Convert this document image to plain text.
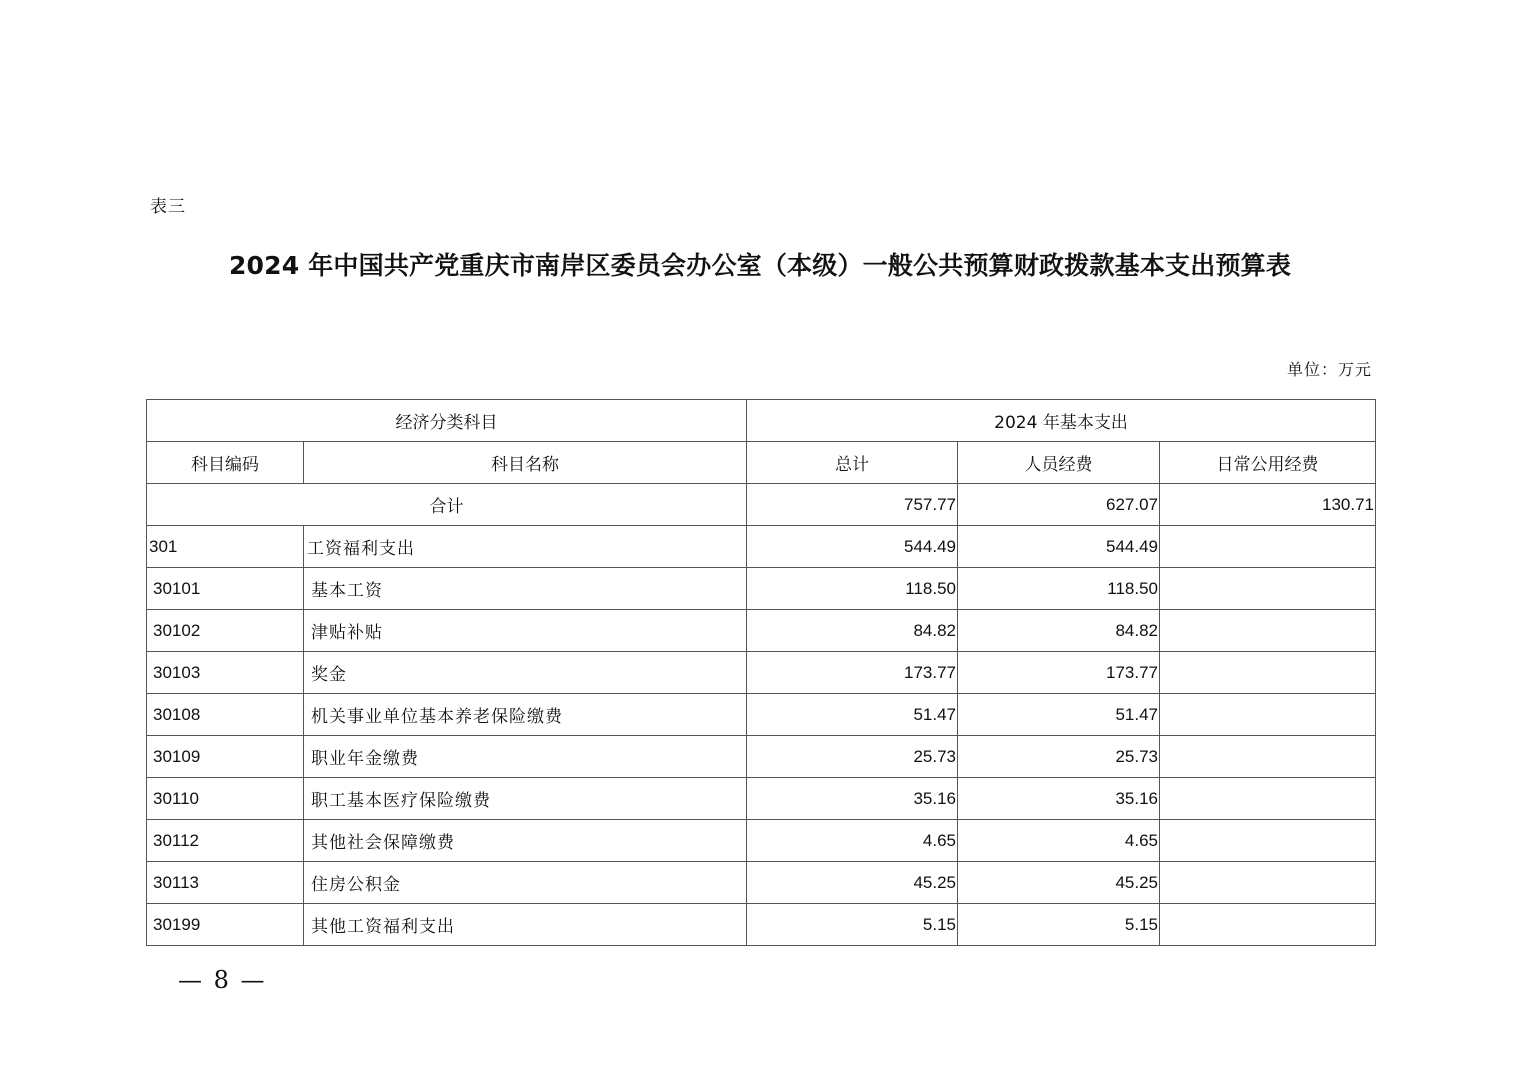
表三
2024 年中国共产党重庆市南岸区委员会办公室（本级）一般公共预算财政拨款基本支出预算表
单位：万元
经济分类科目		2024 年基本支出		
科目编码	科目名称	总计	人员经费	日常公用经费
合计		757.77	627.07	130.71
301	工资福利支出	544.49	544.49	
30101	基本工资	118.50	118.50	
30102	津贴补贴	84.82	84.82	
30103	奖金	173.77	173.77	
30108	机关事业单位基本养老保险缴费	51.47	51.47	
30109	职业年金缴费	25.73	25.73	
30110	职工基本医疗保险缴费	35.16	35.16	
30112	其他社会保障缴费	4.65	4.65	
30113	住房公积金	45.25	45.25	
30199	其他工资福利支出	5.15	5.15	
— 8 —
